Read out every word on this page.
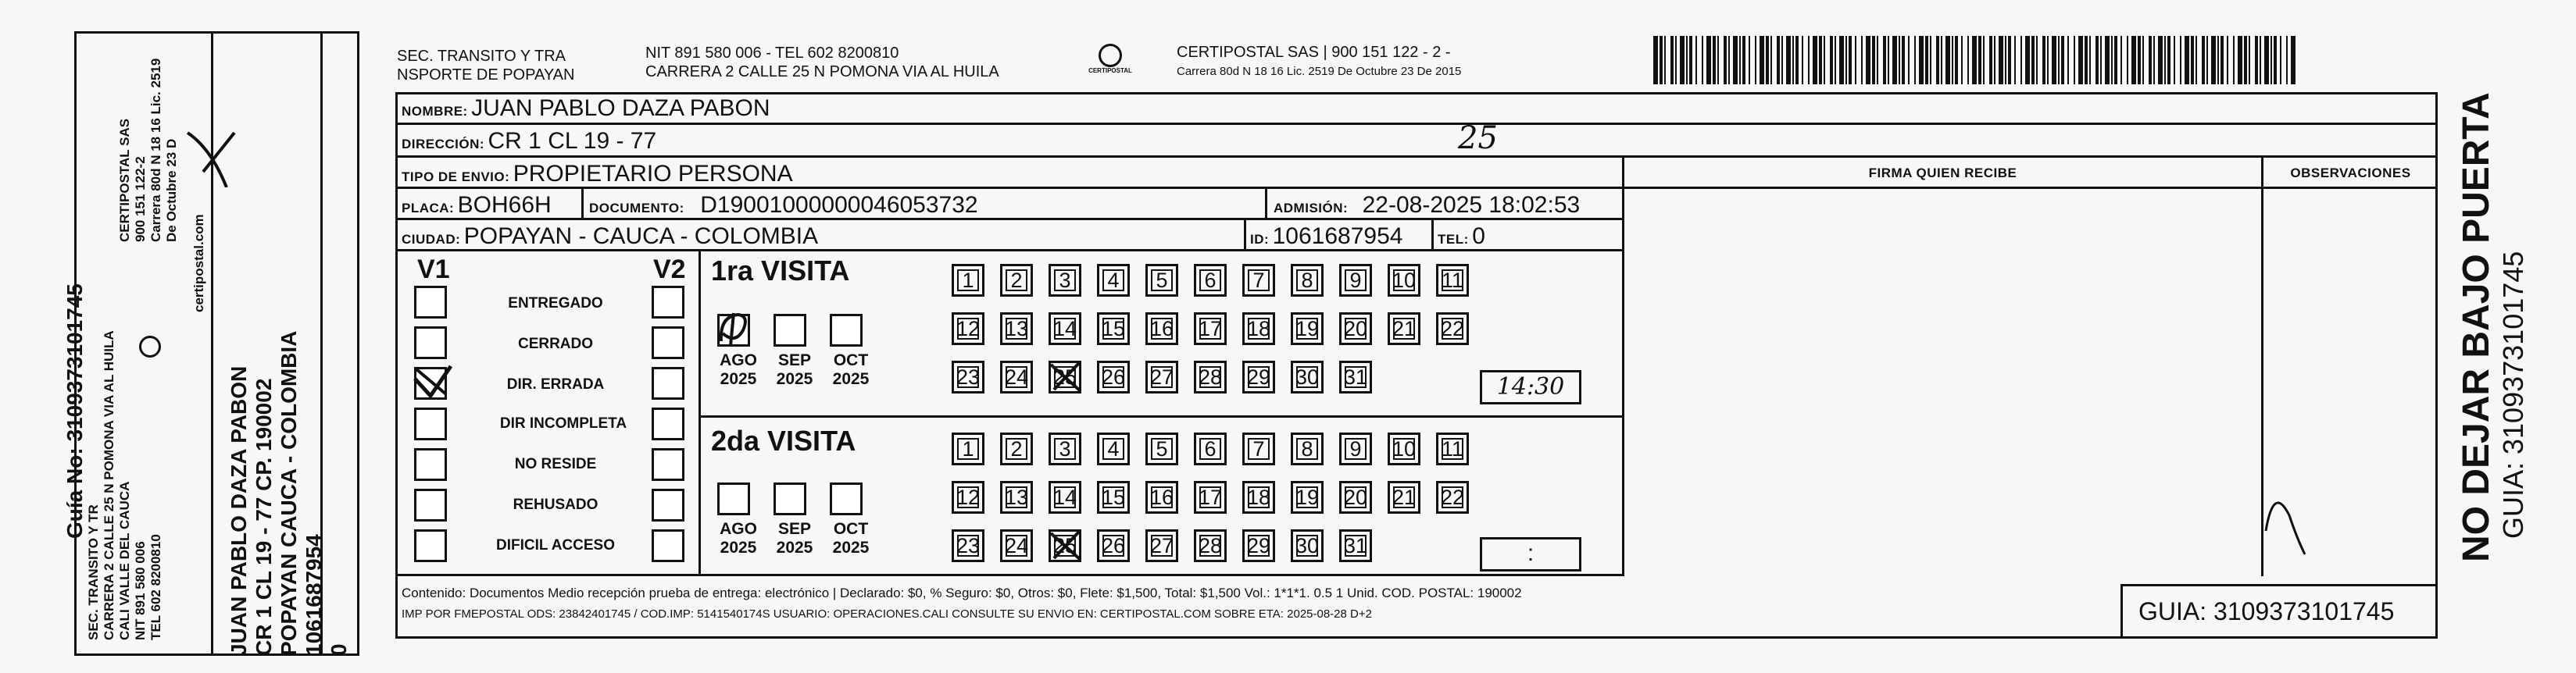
Guía No: 3109373101745
SEC. TRANSITO Y TR CARRERA 2 CALLE 25 N POMONA VIA AL HUILA CALI VALLE DEL CAUCA NIT 891 580 006 TEL 602 8200810
CERTIPOSTAL SAS 900 151 122-2 Carrera 80d N 18 16 Lic. 2519 De Octubre 23 D
certipostal.com
JUAN PABLO DAZA PABON CR 1 CL 19 - 77 CP. 190002 POPAYAN CAUCA - COLOMBIA 1061687954 0
SEC. TRANSITO Y TRA
NSPORTE DE POPAYAN
NIT 891 580 006 - TEL 602 8200810
CARRERA 2 CALLE 25 N POMONA VIA AL HUILA	CERTIPOSTAL
CERTIPOSTAL SAS | 900 151 122 - 2 -
Carrera 80d N 18 16 Lic. 2519 De Octubre 23 De 2015
NOMBRE: JUAN PABLO DAZA PABON
DIRECCIÓN: CR 1 CL 19 - 77	25
TIPO DE ENVIO: PROPIETARIO PERSONA	FIRMA QUIEN RECIBE	OBSERVACIONES
PLACA: BOH66H	DOCUMENTO: D19001000000046053732	ADMISIÓN: 22-08-2025 18:02:53
CIUDAD: POPAYAN - CAUCA - COLOMBIA	ID: 1061687954	TEL: 0
V1	V2
ENTREGADO
CERRADO
DIR. ERRADA
DIR INCOMPLETA
NO RESIDE
REHUSADO
DIFICIL ACCESO
1ra VISITA
AGO
2025
SEP
2025
OCT
2025
1	2	3	4	5	6	7	8	9	10 11
12 13 14 15 16 17 18 19 20 21 22
23 24 25 26 27 28 29 30 31	14:30
2da VISITA
AGO
2025
SEP
2025
OCT
2025
1	2	3	4	5	6	7	8	9	10 11
12 13 14 15 16 17 18 19 20 21 22
23 24 25 26 27 28 29 30 31	:
Contenido: Documentos Medio recepción prueba de entrega: electrónico | Declarado: $0, % Seguro: $0, Otros: $0, Flete: $1,500, Total: $1,500 Vol.: 1*1*1. 0.5 1 Unid. COD. POSTAL: 190002
IMP POR FMEPOSTAL ODS: 23842401745 / COD.IMP: 5141540174S USUARIO: OPERACIONES.CALI CONSULTE SU ENVIO EN: CERTIPOSTAL.COM SOBRE ETA: 2025-08-28 D+2	GUIA: 3109373101745
NO DEJAR BAJO PUERTA GUIA: 3109373101745
